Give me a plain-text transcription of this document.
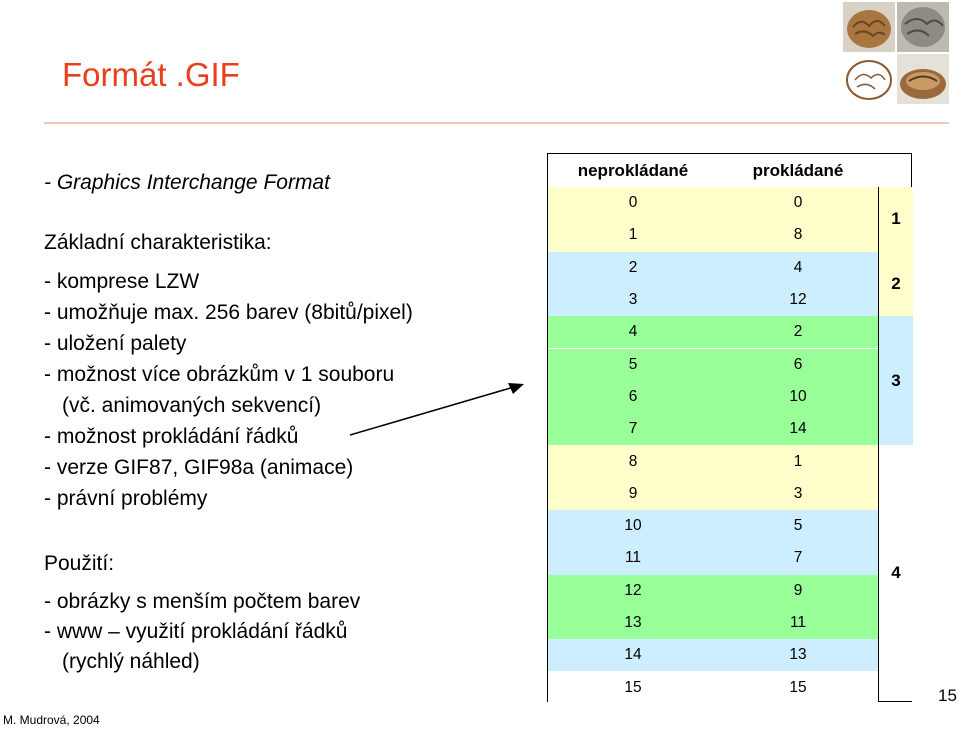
Formát .GIF
- Graphics Interchange Format
Základní charakteristika:
- komprese LZW
- umožňuje max. 256 barev (8bitů/pixel)
- uložení palety
- možnost více obrázkům v 1 souboru
(vč. animovaných sekvencí)
- možnost prokládání řádků
- verze GIF87, GIF98a (animace)
- právní problémy
Použití:
- obrázky s menším počtem barev
- www – využití prokládání řádků
(rychlý náhled)
neprokládané	prokládané
0	0
1	8
2	4
3	12
4	2
5	6
6	10
7	14
8	1
9	3
10	5
11	7
12	9
13	11
14	13
15	15
1
2
3
4
M. Mudrová, 2004
15
